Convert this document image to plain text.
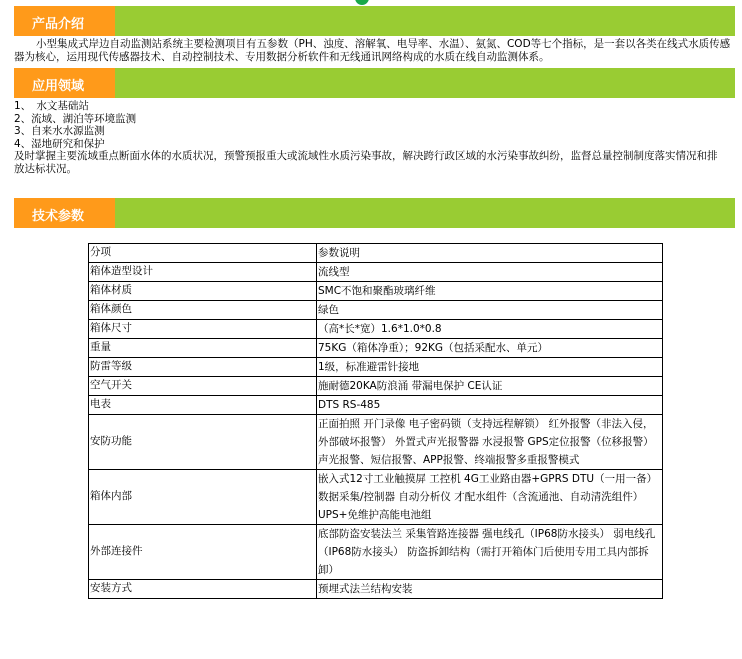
产品介绍

小型集成式岸边自动监测站系统主要检测项目有五参数（PH、浊度、溶解氧、电导率、水温）、氨氮、COD等七个指标，是一套以各类在线式水质传感器为核心，运用现代传感器技术、自动控制技术、专用数据分析软件和无线通讯网络构成的水质在线自动监测体系。

应用领域

1、　水文基础站

2、流域、湖泊等环境监测

3、自来水水源监测

4、湿地研究和保护

及时掌握主要流域重点断面水体的水质状况，预警预报重大或流域性水质污染事故，解决跨行政区域的水污染事故纠纷，监督总量控制制度落实情况和排放达标状况。

技术参数
分项	参数说明
箱体造型设计	流线型
箱体材质	SMC不饱和聚酯玻璃纤维
箱体颜色	绿色
箱体尺寸	（高*长*宽）1.6*1.0*0.8
重量	75KG（箱体净重）；92KG（包括采配水、单元）
防雷等级	1级，标准避雷针接地
空气开关	施耐德20KA防浪涌 带漏电保护 CE认证
电表	DTS RS-485
安防功能	正面拍照 开门录像 电子密码锁（支持远程解锁） 红外报警（非法入侵，外部破坏报警） 外置式声光报警器 水浸报警 GPS定位报警（位移报警） 声光报警、短信报警、APP报警、终端报警多重报警模式
箱体内部	嵌入式12寸工业触摸屏 工控机 4G工业路由器+GPRS DTU（一用一备） 数据采集/控制器 自动分析仪 才配水组件（含流通池、自动清洗组件） UPS+免维护高能电池组
外部连接件	底部防盗安装法兰 采集管路连接器 强电线孔（IP68防水接头） 弱电线孔（IP68防水接头） 防盗拆卸结构（需打开箱体门后使用专用工具内部拆卸）
安装方式	预埋式法兰结构安装
